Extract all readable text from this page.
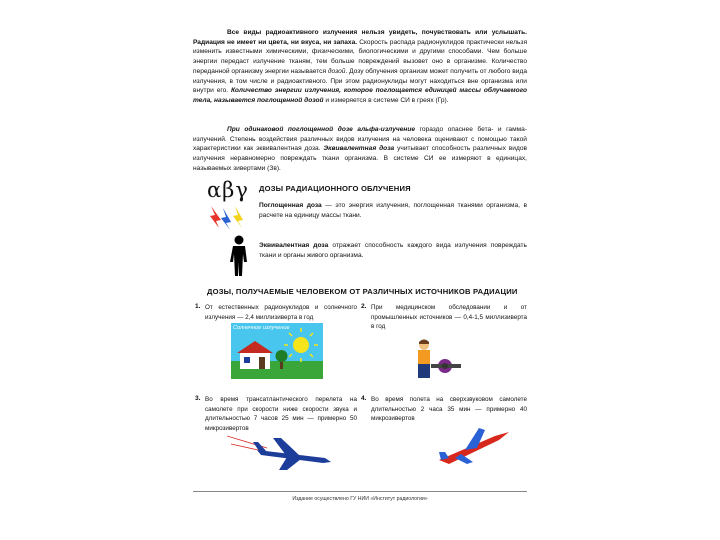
Все виды радиоактивного излучения нельзя увидеть, почувствовать или услышать. Радиация не имеет ни цвета, ни вкуса, ни запаха. Скорость распада радионуклидов практически нельзя изменить известными химическими, физическими, биологическими и другими способами. Чем больше энергии передаст излучение тканям, тем больше повреждений вызовет оно в организме. Количество переданной организму энергии называется дозой. Дозу облучения организм может получить от любого вида излучения, в том числе и радиоактивного. При этом радионуклиды могут находиться вне организма или внутри его. Количество энергии излучения, которое поглощается единицей массы облучаемого тела, называется поглощенной дозой и измеряется в системе СИ в греях (Гр).

При одинаковой поглощенной дозе альфа-излучение гораздо опаснее бета- и гамма-излучений. Степень воздействия различных видов излучения на человека оценивают с помощью такой характеристики как эквивалентная доза. Эквивалентная доза учитывает способность различных видов излучения неравномерно повреждать ткани организма. В системе СИ ее измеряют в единицах, называемых зивертами (Зв).

αβγ ДОЗЫ РАДИАЦИОННОГО ОБЛУЧЕНИЯ

Поглощенная доза — это энергия излучения, поглощенная тканями организма, в расчете на единицу массы ткани.

Эквивалентная доза отражает способность каждого вида излучения повреждать ткани и органы живого организма.

ДОЗЫ, ПОЛУЧАЕМЫЕ ЧЕЛОВЕКОМ ОТ РАЗЛИЧНЫХ ИСТОЧНИКОВ РАДИАЦИИ
1. От естественных радионуклидов и солнечного излучения — 2,4 миллизиверта в год

2. При медицинском обследовании и от промышленных источников — 0,4-1,5 миллизиверта в год

Солнечное излучение
3. Во время трансатлантического перелета на самолете при скорости ниже скорости звука и длительностью 7 часов 25 мин — примерно 50 микрозивертов

4. Во время полета на сверхзвуковом самолете длительностью 2 часа 35 мин — примерно 40 микрозивертов

Издание осуществлено ГУ НИИ «Институт радиологии»
